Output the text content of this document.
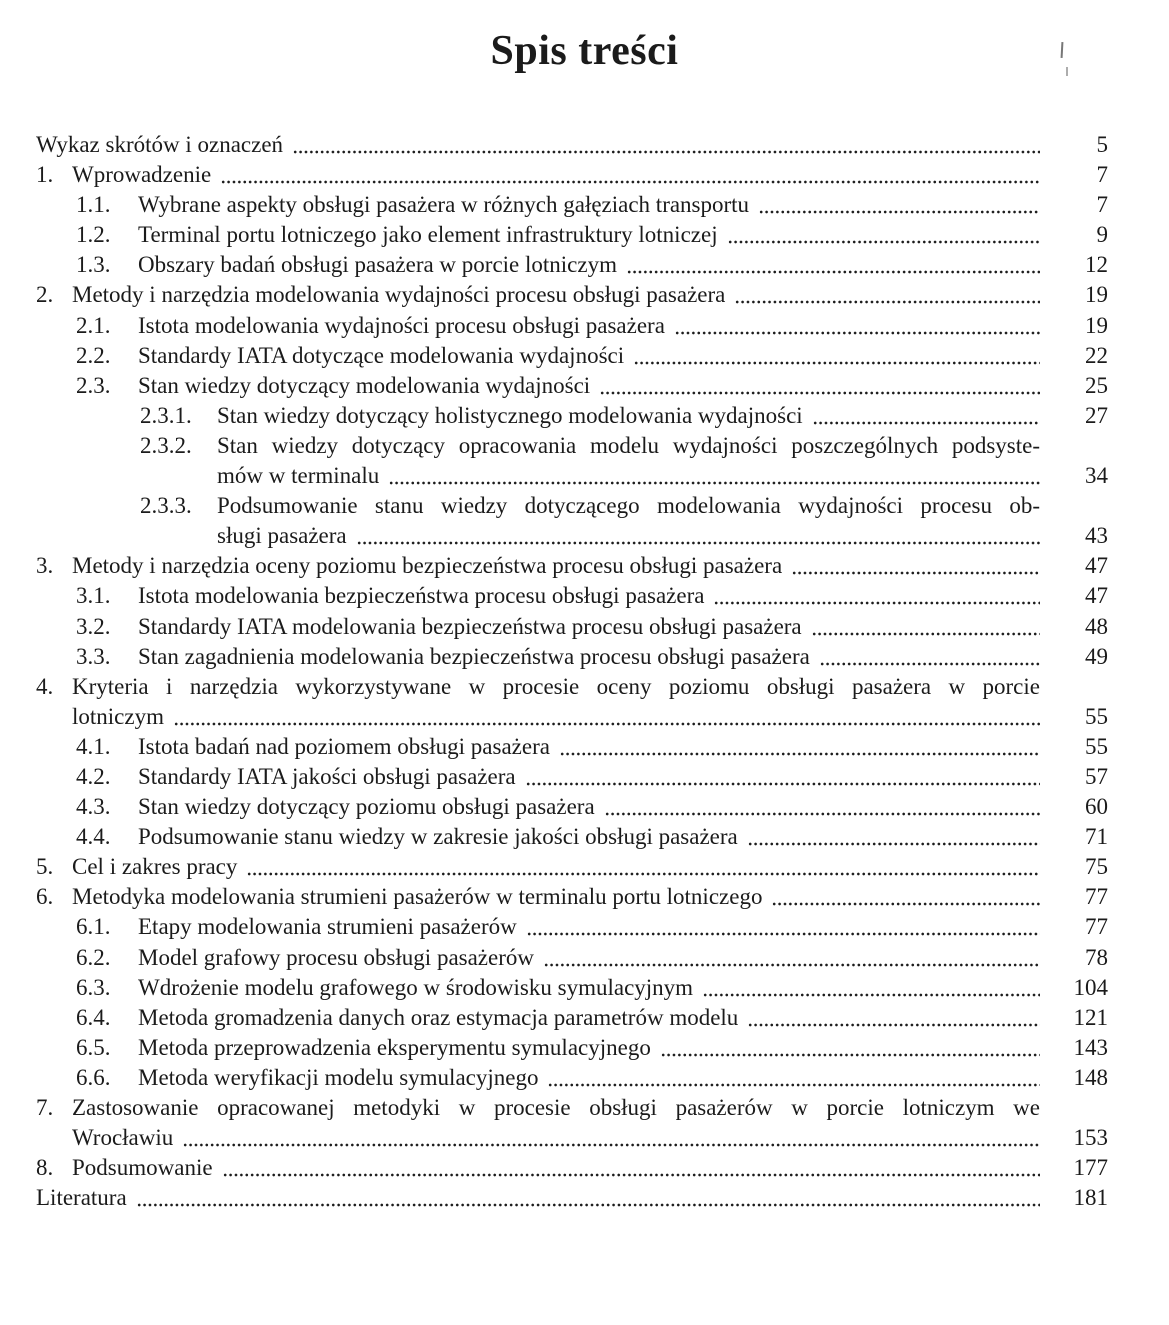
Spis treści
Wykaz skrótów i oznaczeń	5
1. Wprowadzenie	7
1.1.	Wybrane aspekty obsługi pasażera w różnych gałęziach transportu	7
1.2.	Terminal portu lotniczego jako element infrastruktury lotniczej	9
1.3.	Obszary badań obsługi pasażera w porcie lotniczym	12
2. Metody i narzędzia modelowania wydajności procesu obsługi pasażera	19
2.1.	Istota modelowania wydajności procesu obsługi pasażera	19
2.2.	Standardy IATA dotyczące modelowania wydajności	22
2.3.	Stan wiedzy dotyczący modelowania wydajności	25
2.3.1.	Stan wiedzy dotyczący holistycznego modelowania wydajności	27
2.3.2.	Stan wiedzy dotyczący opracowania modelu wydajności poszczególnych podsyste-
mów w terminalu	34
2.3.3.	Podsumowanie stanu wiedzy dotyczącego modelowania wydajności procesu ob-
sługi pasażera	43
3. Metody i narzędzia oceny poziomu bezpieczeństwa procesu obsługi pasażera	47
3.1.	Istota modelowania bezpieczeństwa procesu obsługi pasażera	47
3.2.	Standardy IATA modelowania bezpieczeństwa procesu obsługi pasażera	48
3.3.	Stan zagadnienia modelowania bezpieczeństwa procesu obsługi pasażera	49
4. Kryteria i narzędzia wykorzystywane w procesie oceny poziomu obsługi pasażera w porcie
lotniczym	55
4.1.	Istota badań nad poziomem obsługi pasażera	55
4.2.	Standardy IATA jakości obsługi pasażera	57
4.3.	Stan wiedzy dotyczący poziomu obsługi pasażera	60
4.4.	Podsumowanie stanu wiedzy w zakresie jakości obsługi pasażera	71
5. Cel i zakres pracy	75
6. Metodyka modelowania strumieni pasażerów w terminalu portu lotniczego	77
6.1.	Etapy modelowania strumieni pasażerów	77
6.2.	Model grafowy procesu obsługi pasażerów	78
6.3.	Wdrożenie modelu grafowego w środowisku symulacyjnym	104
6.4.	Metoda gromadzenia danych oraz estymacja parametrów modelu	121
6.5.	Metoda przeprowadzenia eksperymentu symulacyjnego	143
6.6.	Metoda weryfikacji modelu symulacyjnego	148
7. Zastosowanie opracowanej metodyki w procesie obsługi pasażerów w porcie lotniczym we
Wrocławiu	153
8. Podsumowanie	177
Literatura	181
